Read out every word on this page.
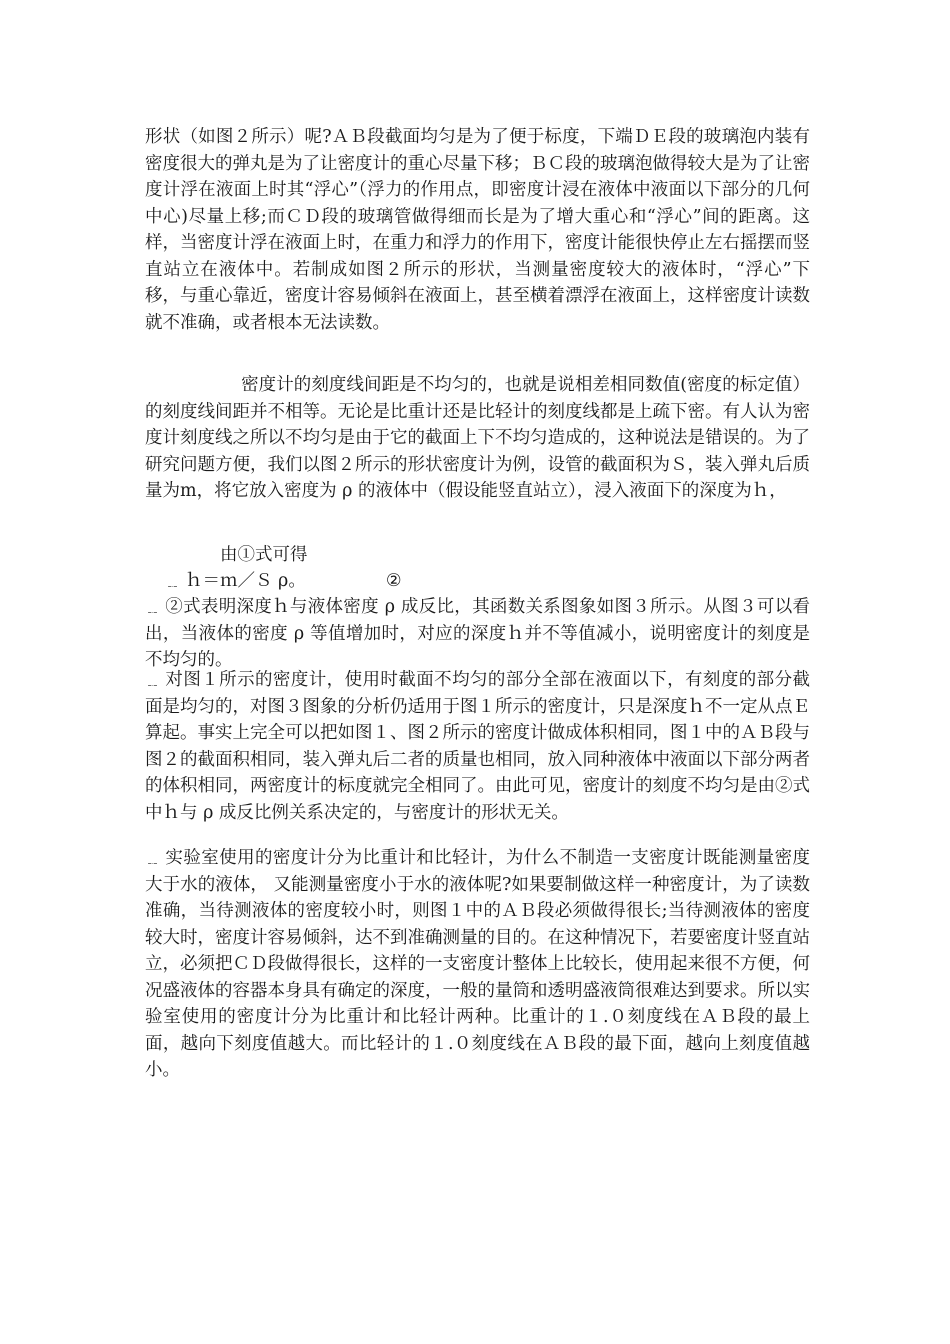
形状（如图２所示）呢?ＡＢ段截面均匀是为了便于标度，下端ＤＥ段的玻璃泡内装有密度很大的弹丸是为了让密度计的重心尽量下移；ＢＣ段的玻璃泡做得较大是为了让密度计浮在液面上时其“浮心”（浮力的作用点，即密度计浸在液体中液面以下部分的几何中心)尽量上移;而ＣＤ段的玻璃管做得细而长是为了增大重心和“浮心”间的距离。这样，当密度计浮在液面上时，在重力和浮力的作用下，密度计能很快停止左右摇摆而竖直站立在液体中。若制成如图２所示的形状，当测量密度较大的液体时，“浮心”下移，与重心靠近，密度计容易倾斜在液面上，甚至横着漂浮在液面上，这样密度计读数就不准确，或者根本无法读数。

密度计的刻度线间距是不均匀的，也就是说相差相同数值(密度的标定值）的刻度线间距并不相等。无论是比重计还是比轻计的刻度线都是上疏下密。有人认为密度计刻度线之所以不均匀是由于它的截面上下不均匀造成的，这种说法是错误的。为了研究问题方便，我们以图２所示的形状密度计为例，设管的截面积为Ｓ，装入弹丸后质量为m，将它放入密度为 ρ 的液体中（假设能竖直站立），浸入液面下的深度为ｈ，

由①式可得

﹎ ｈ＝ｍ／Ｓ ρ。	②

﹎ ②式表明深度ｈ与液体密度 ρ 成反比，其函数关系图象如图３所示。从图３可以看出，当液体的密度 ρ 等值增加时，对应的深度ｈ并不等值减小，说明密度计的刻度是不均匀的。

﹎ 对图１所示的密度计，使用时截面不均匀的部分全部在液面以下，有刻度的部分截面是均匀的，对图３图象的分析仍适用于图１所示的密度计，只是深度ｈ不一定从点Ｅ算起。事实上完全可以把如图１、图２所示的密度计做成体积相同，图１中的ＡＢ段与图２的截面积相同，装入弹丸后二者的质量也相同，放入同种液体中液面以下部分两者的体积相同，两密度计的标度就完全相同了。由此可见，密度计的刻度不均匀是由②式中ｈ与 ρ 成反比例关系决定的，与密度计的形状无关。

﹎ 实验室使用的密度计分为比重计和比轻计，为什么不制造一支密度计既能测量密度大于水的液体， 又能测量密度小于水的液体呢?如果要制做这样一种密度计，为了读数准确，当待测液体的密度较小时，则图１中的ＡＢ段必须做得很长;当待测液体的密度较大时，密度计容易倾斜，达不到准确测量的目的。在这种情况下，若要密度计竖直站立，必须把ＣＤ段做得很长，这样的一支密度计整体上比较长，使用起来很不方便，何况盛液体的容器本身具有确定的深度，一般的量筒和透明盛液筒很难达到要求。所以实验室使用的密度计分为比重计和比轻计两种。比重计的１.０刻度线在ＡＢ段的最上面，越向下刻度值越大。而比轻计的１.０刻度线在ＡＢ段的最下面，越向上刻度值越小。
